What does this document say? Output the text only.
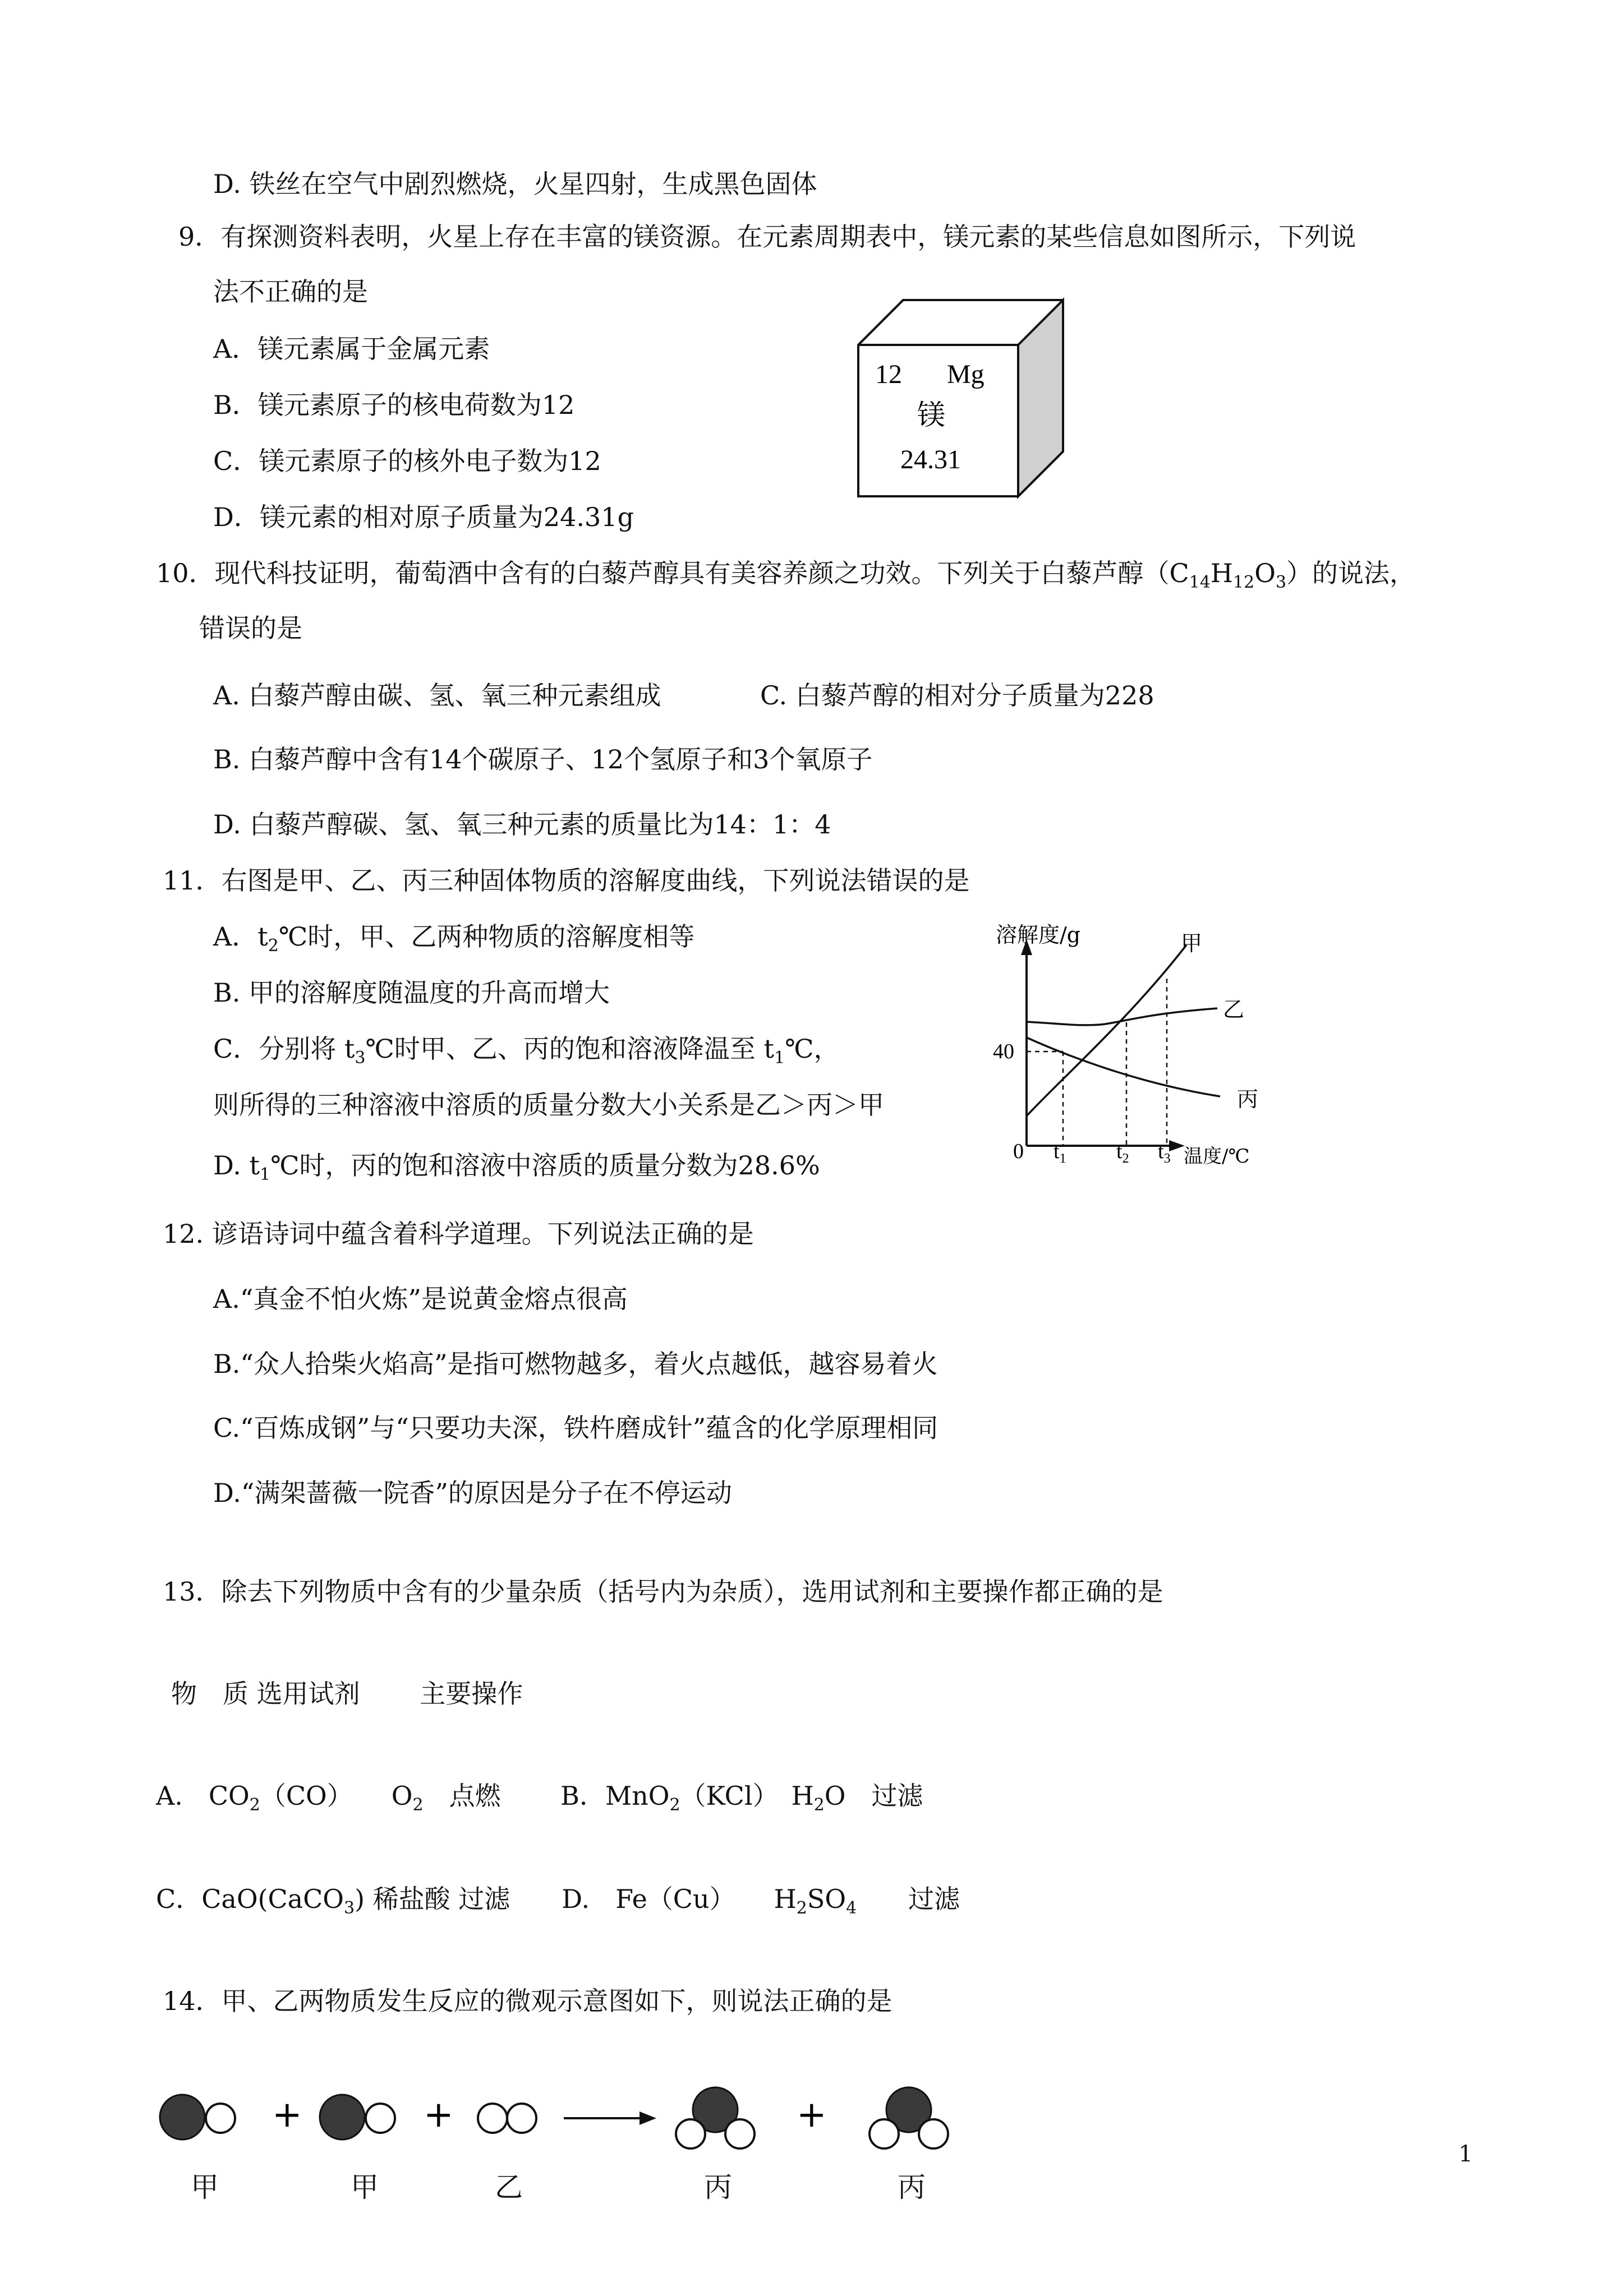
D. 铁丝在空气中剧烈燃烧，火星四射，生成黑色固体
9．有探测资料表明，火星上存在丰富的镁资源。在元素周期表中，镁元素的某些信息如图所示，下列说
法不正确的是
A．镁元素属于金属元素
B．镁元素原子的核电荷数为12
C．镁元素原子的核外电子数为12
D．镁元素的相对原子质量为24.31g
12 Mg
镁
24.31
10．现代科技证明，葡萄酒中含有的白藜芦醇具有美容养颜之功效。下列关于白藜芦醇$(C_{14}H_{12}O_3)$的说法，
错误的是
A. 白藜芦醇由碳、氢、氧三种元素组成	C. 白藜芦醇的相对分子质量为228
B. 白藜芦醇中含有14个碳原子、12个氢原子和3个氧原子
D. 白藜芦醇碳、氢、氧三种元素的质量比为14：1：4
11．右图是甲、乙、丙三种固体物质的溶解度曲线，下列说法错误的是
A．$t_2℃$时，甲、乙两种物质的溶解度相等
B. 甲的溶解度随温度的升高而增大
C．分别将 $t_3℃$时甲、乙、丙的饱和溶液降温至 $t_1℃$，
则所得的三种溶液中溶质的质量分数大小关系是乙＞丙＞甲
D. $t_1℃$时，丙的饱和溶液中溶质的质量分数为28.6%
溶解度/g
温度/℃
40
0 $t_1$ $t_2$ $t_3$
甲
乙
丙
12. 谚语诗词中蕴含着科学道理。下列说法正确的是
A.“真金不怕火炼”是说黄金熔点很高
B.“众人拾柴火焰高”是指可燃物越多，着火点越低，越容易着火
C.“百炼成钢”与“只要功夫深，铁杵磨成针”蕴含的化学原理相同
D.“满架蔷薇一院香”的原因是分子在不停运动
13．除去下列物质中含有的少量杂质（括号内为杂质），选用试剂和主要操作都正确的是
物　质 选用试剂　　 主要操作
A.　$CO_2(CO)$　　$O_2$　点燃　　 B．MnO$_2$（KCl）　$H_2O$　过滤
C．CaO(CaCO$_3$) 稀盐酸 过滤　　D.　Fe（Cu）　　$H_2SO_4$　　过滤
14．甲、乙两物质发生反应的微观示意图如下，则说法正确的是
+	+	+
甲	甲	乙	丙	丙
1
